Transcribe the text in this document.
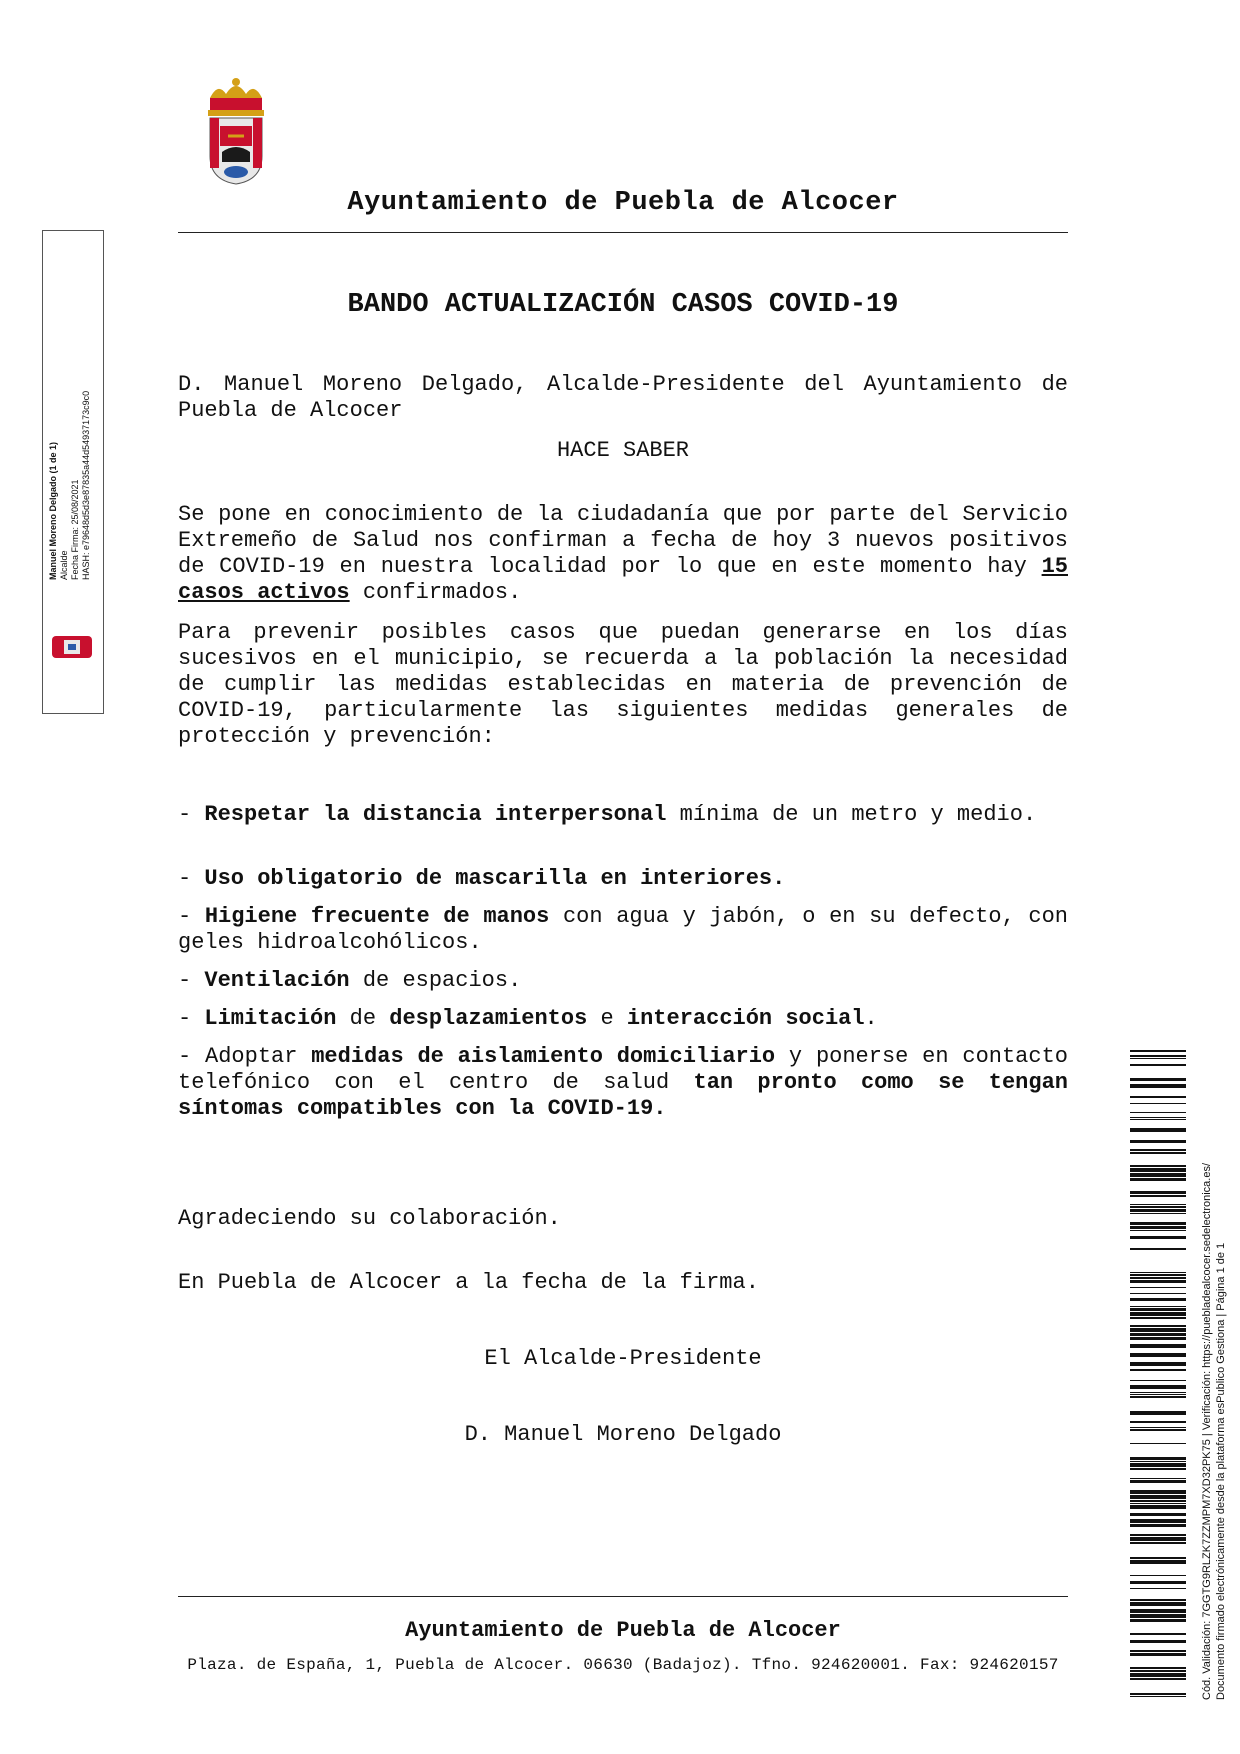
Ayuntamiento de Puebla de Alcocer
BANDO ACTUALIZACIÓN CASOS COVID-19
D. Manuel Moreno Delgado, Alcalde-Presidente del Ayuntamiento de Puebla de Alcocer
HACE SABER
Se pone en conocimiento de la ciudadanía que por parte del Servicio Extremeño de Salud nos confirman a fecha de hoy 3 nuevos positivos de COVID-19 en nuestra localidad por lo que en este momento hay 15 casos activos confirmados.
Para prevenir posibles casos que puedan generarse en los días sucesivos en el municipio, se recuerda a la población la necesidad de cumplir las medidas establecidas en materia de prevención de COVID-19, particularmente las siguientes medidas generales de protección y prevención:
- Respetar la distancia interpersonal mínima de un metro y medio.
- Uso obligatorio de mascarilla en interiores.
- Higiene frecuente de manos con agua y jabón, o en su defecto, con geles hidroalcohólicos.
- Ventilación de espacios.
- Limitación de desplazamientos e interacción social.
- Adoptar medidas de aislamiento domiciliario y ponerse en contacto telefónico con el centro de salud tan pronto como se tengan síntomas compatibles con la COVID-19.
Agradeciendo su colaboración.
En Puebla de Alcocer a la fecha de la firma.
El Alcalde-Presidente
D. Manuel Moreno Delgado
Ayuntamiento de Puebla de Alcocer
Plaza. de España, 1, Puebla de Alcocer. 06630 (Badajoz). Tfno. 924620001. Fax: 924620157
Manuel Moreno Delgado (1 de 1) Alcalde Fecha Firma: 25/08/2021 HASH: e79648d5d3e87835a44d54937173c9c0
Cód. Validación: 7GGTG9RLZK7ZZMPM7XD32PK75 | Verificación: https://puebladealcocer.sedelectronica.es/ Documento firmado electrónicamente desde la plataforma esPublico Gestiona | Página 1 de 1
